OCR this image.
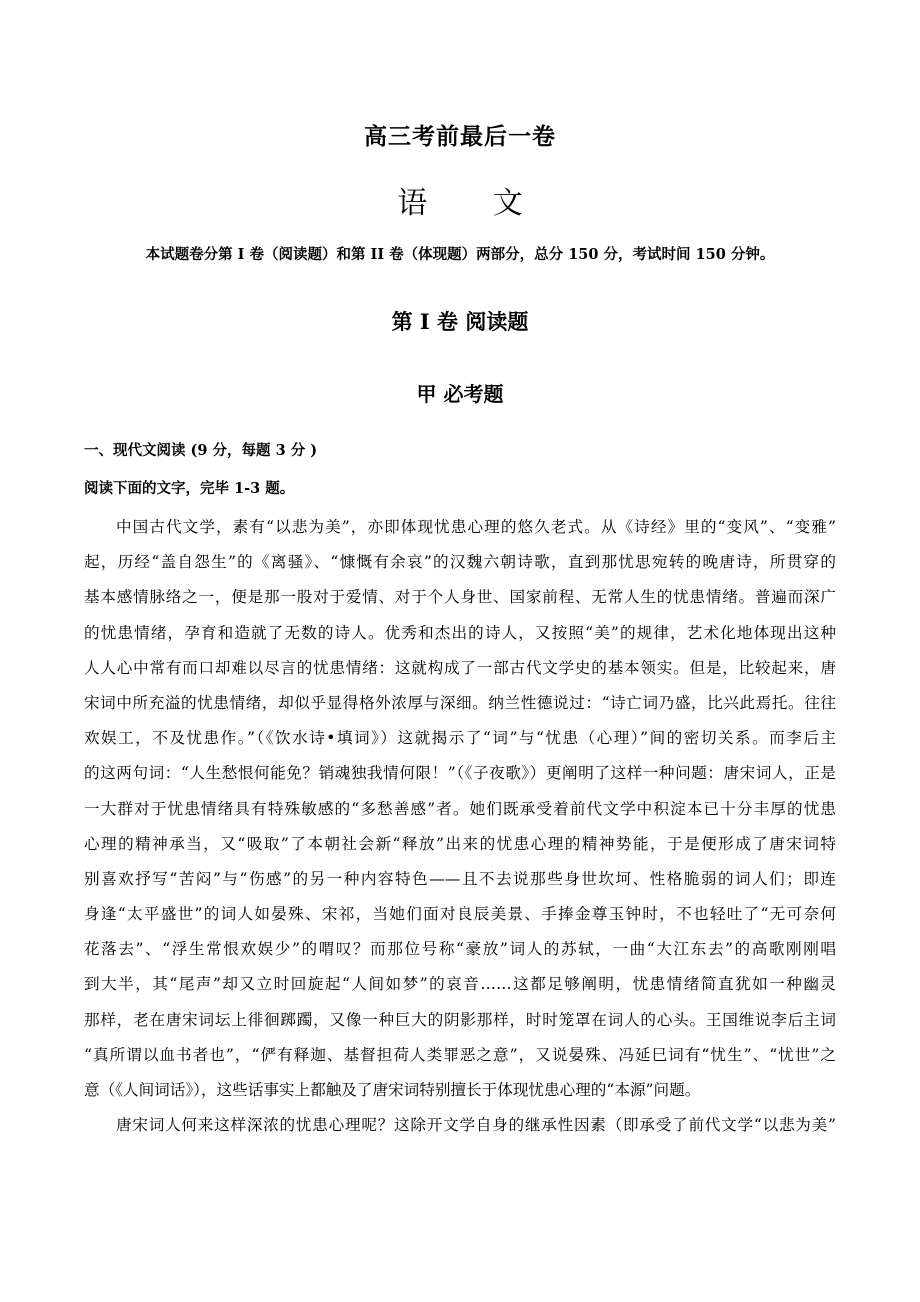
高三考前最后一卷
语 文
本试题卷分第 I 卷（阅读题）和第 II 卷（体现题）两部分，总分 150 分，考试时间 150 分钟。
第 I 卷 阅读题
甲 必考题
一、现代文阅读 (9 分，每题 3 分 )
阅读下面的文字，完毕 1-3 题。
中国古代文学，素有“以悲为美”，亦即体现忧患心理的悠久老式。从《诗经》里的“变风”、“变雅”
起，历经“盖自怨生”的《离骚》、“慷慨有余哀”的汉魏六朝诗歌，直到那忧思宛转的晚唐诗，所贯穿的
基本感情脉络之一，便是那一股对于爱情、对于个人身世、国家前程、无常人生的忧患情绪。普遍而深广
的忧患情绪，孕育和造就了无数的诗人。优秀和杰出的诗人，又按照“美”的规律，艺术化地体现出这种
人人心中常有而口却难以尽言的忧患情绪：这就构成了一部古代文学史的基本领实。但是，比较起来，唐
宋词中所充溢的忧患情绪，却似乎显得格外浓厚与深细。纳兰性德说过：“诗亡词乃盛，比兴此焉托。往往
欢娱工，不及忧患作。”（《饮水诗•填词》）这就揭示了“词”与“忧患（心理）”间的密切关系。而李后主
的这两句词：“人生愁恨何能免？销魂独我情何限！”（《子夜歌》）更阐明了这样一种问题：唐宋词人，正是
一大群对于忧患情绪具有特殊敏感的“多愁善感”者。她们既承受着前代文学中积淀本已十分丰厚的忧患
心理的精神承当，又“吸取”了本朝社会新“释放”出来的忧患心理的精神势能，于是便形成了唐宋词特
别喜欢抒写“苦闷”与“伤感”的另一种内容特色——且不去说那些身世坎坷、性格脆弱的词人们；即连
身逢“太平盛世”的词人如晏殊、宋祁，当她们面对良辰美景、手捧金尊玉钟时，不也轻吐了“无可奈何
花落去”、“浮生常恨欢娱少”的喟叹？而那位号称“豪放”词人的苏轼，一曲“大江东去”的高歌刚刚唱
到大半，其“尾声”却又立时回旋起“人间如梦”的哀音……这都足够阐明，忧患情绪简直犹如一种幽灵
那样，老在唐宋词坛上徘徊踯躅，又像一种巨大的阴影那样，时时笼罩在词人的心头。王国维说李后主词
“真所谓以血书者也”，“俨有释迦、基督担荷人类罪恶之意”，又说晏殊、冯延巳词有“忧生”、“忧世”之
意（《人间词话》），这些话事实上都触及了唐宋词特别擅长于体现忧患心理的“本源”问题。
唐宋词人何来这样深浓的忧患心理呢？这除开文学自身的继承性因素（即承受了前代文学“以悲为美”
